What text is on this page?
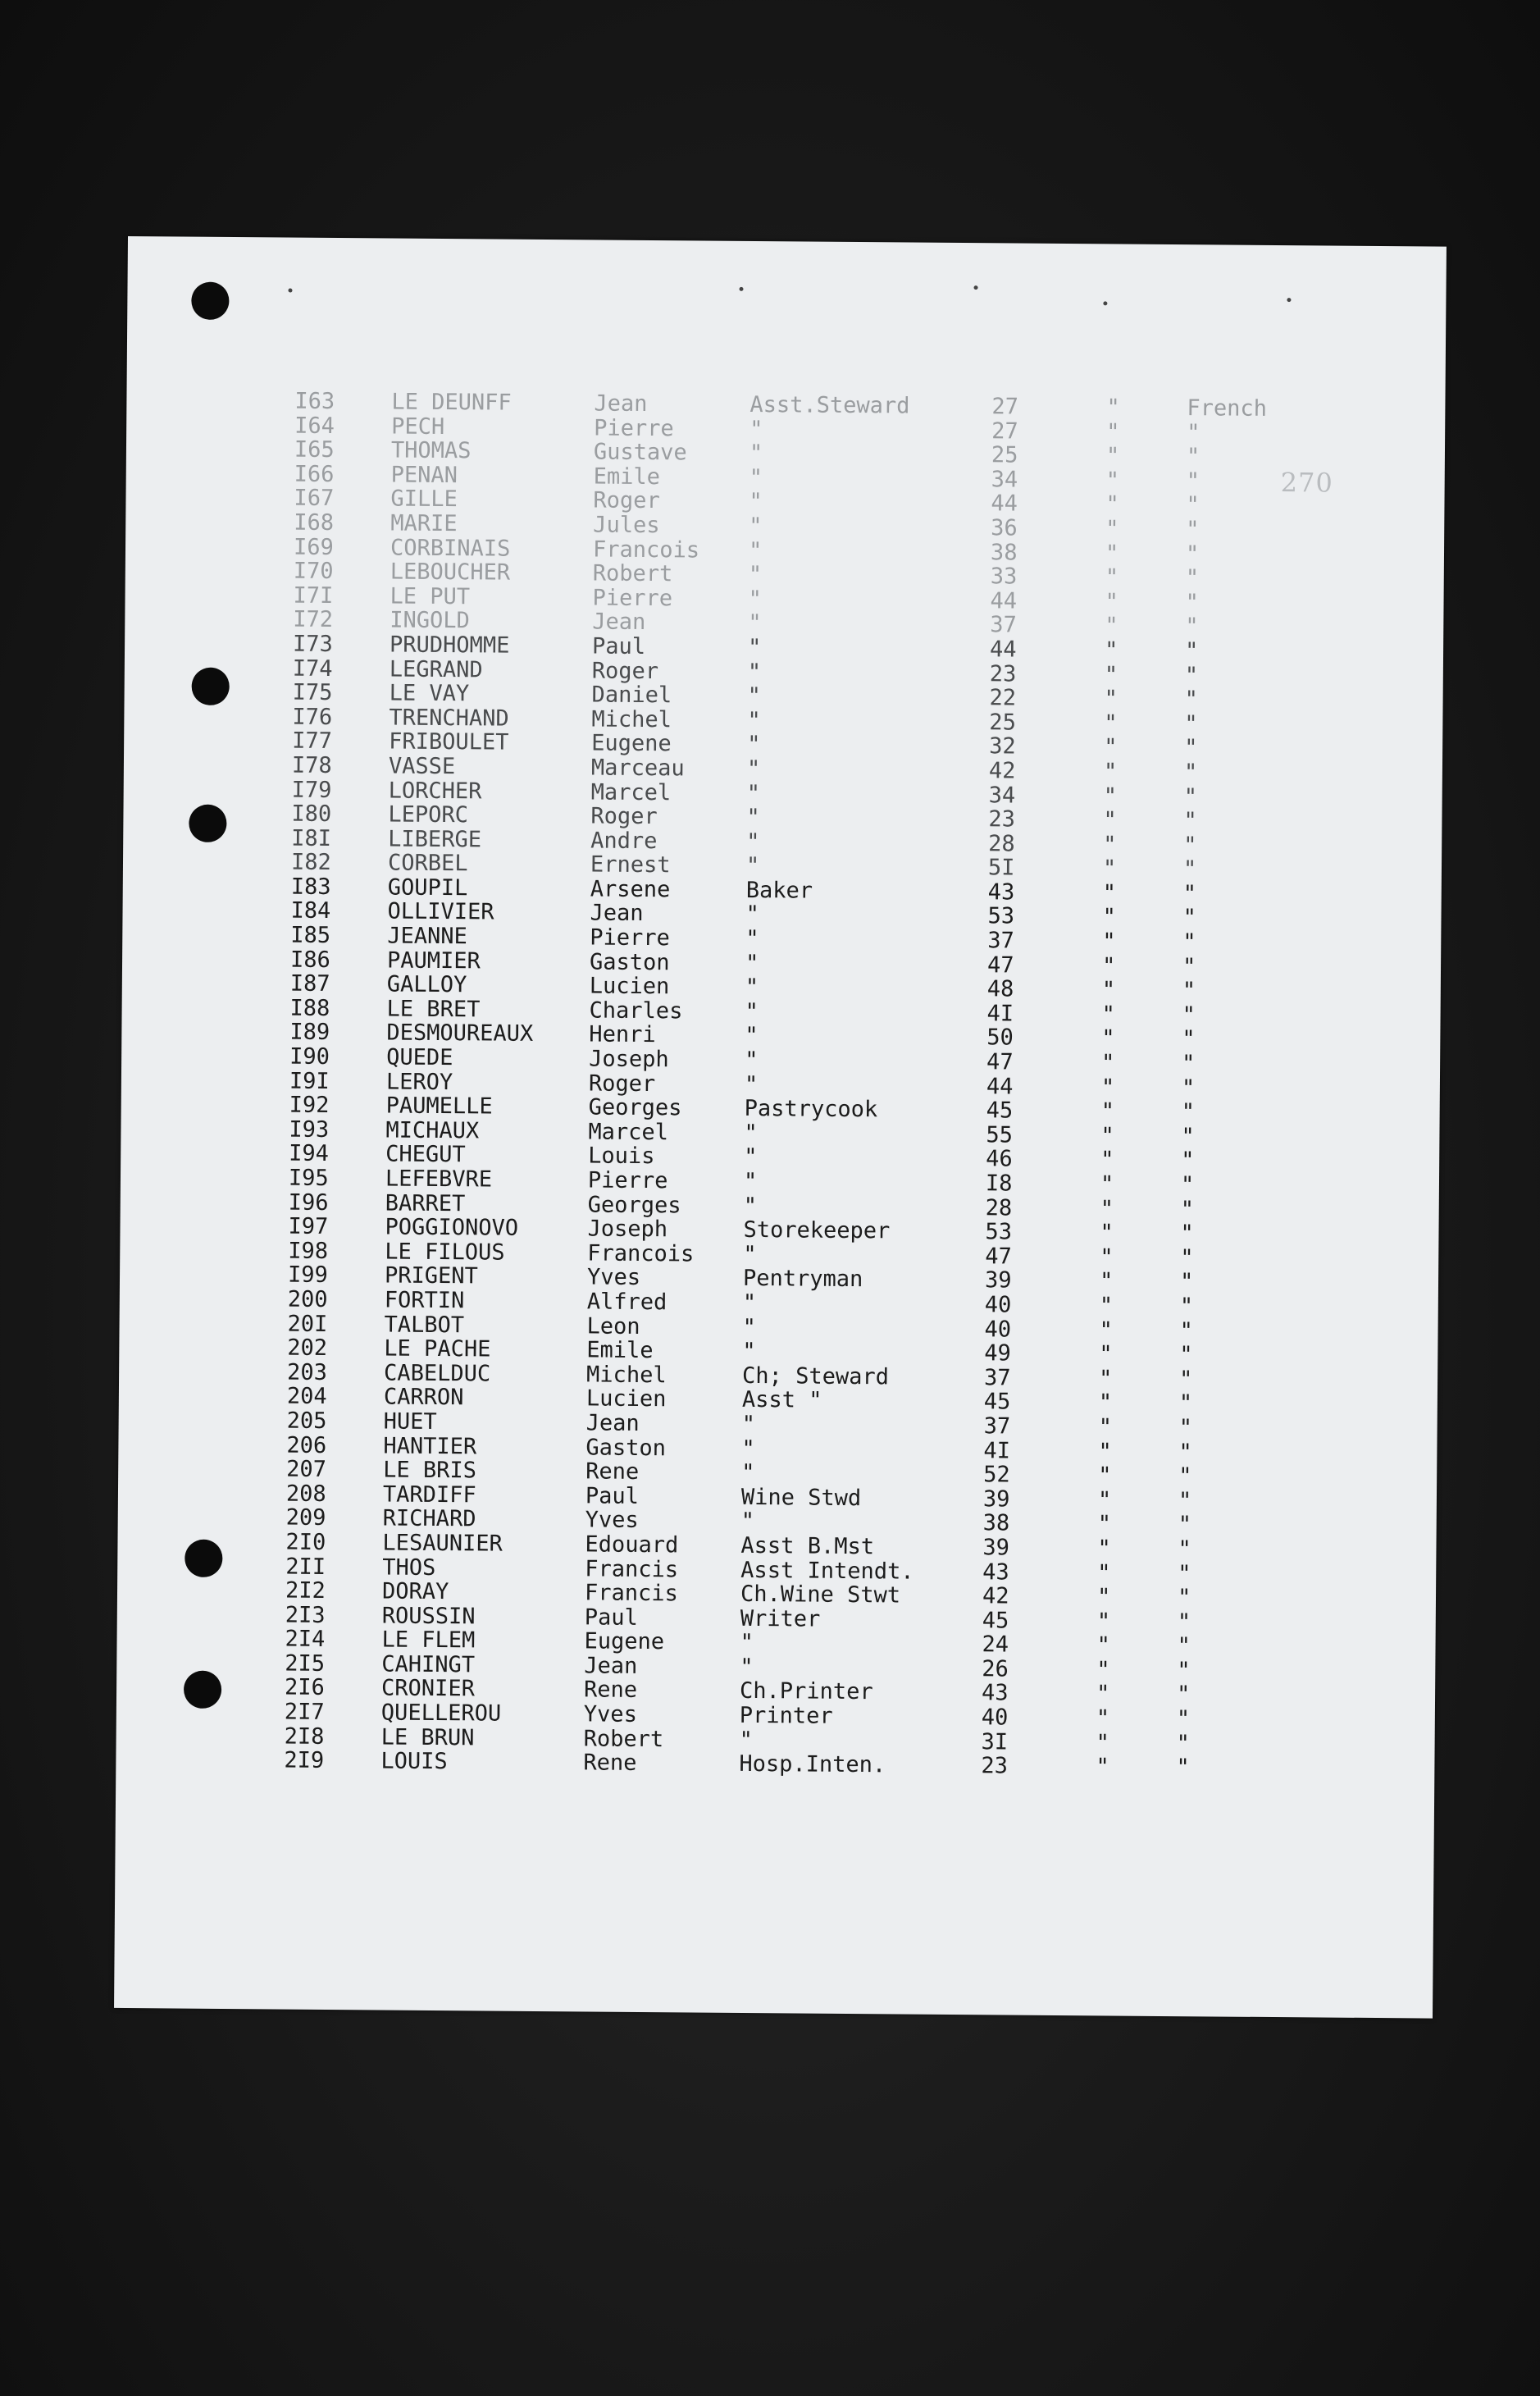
270
I63	LE DEUNFF	Jean	Asst.Steward	27	"	French
I64	PECH	Pierre	"	27	"	"
I65	THOMAS	Gustave	"	25	"	"
I66	PENAN	Emile	"	34	"	"
I67	GILLE	Roger	"	44	"	"
I68	MARIE	Jules	"	36	"	"
I69	CORBINAIS	Francois "	38	"	"
I70	LEBOUCHER	Robert	"	33	"	"
I7I	LE PUT	Pierre	"	44	"	"
I72	INGOLD	Jean	"	37	"	"
I73	PRUDHOMME	Paul	"	44	"	"
I74	LEGRAND	Roger	"	23	"	"
I75	LE VAY	Daniel	"	22	"	"
I76	TRENCHAND	Michel	"	25	"	"
I77	FRIBOULET	Eugene	"	32	"	"
I78	VASSE	Marceau	"	42	"	"
I79	LORCHER	Marcel	"	34	"	"
I80	LEPORC	Roger	"	23	"	"
I8I	LIBERGE	Andre	"	28	"	"
I82	CORBEL	Ernest	"	5I	"	"
I83	GOUPIL	Arsene	Baker	43	"	"
I84	OLLIVIER	Jean	"	53	"	"
I85	JEANNE	Pierre	"	37	"	"
I86	PAUMIER	Gaston	"	47	"	"
I87	GALLOY	Lucien	"	48	"	"
I88	LE BRET	Charles	"	4I	"	"
I89	DESMOUREAUX	Henri	"	50	"	"
I90	QUEDE	Joseph	"	47	"	"
I9I	LEROY	Roger	"	44	"	"
I92	PAUMELLE	Georges	Pastrycook	45	"	"
I93	MICHAUX	Marcel	"	55	"	"
I94	CHEGUT	Louis	"	46	"	"
I95	LEFEBVRE	Pierre	"	I8	"	"
I96	BARRET	Georges	"	28	"	"
I97	POGGIONOVO	Joseph	Storekeeper	53	"	"
I98	LE FILOUS	Francois "	47	"	"
I99	PRIGENT	Yves	Pentryman	39	"	"
200	FORTIN	Alfred	"	40	"	"
20I	TALBOT	Leon	"	40	"	"
202	LE PACHE	Emile	"	49	"	"
203	CABELDUC	Michel	Ch; Steward	37	"	"
204	CARRON	Lucien	Asst "	45	"	"
205	HUET	Jean	"	37	"	"
206	HANTIER	Gaston	"	4I	"	"
207	LE BRIS	Rene	"	52	"	"
208	TARDIFF	Paul	Wine Stwd	39	"	"
209	RICHARD	Yves	"	38	"	"
2I0	LESAUNIER	Edouard	Asst B.Mst	39	"	"
2II	THOS	Francis	Asst Intendt.	43	"	"
2I2	DORAY	Francis	Ch.Wine Stwt	42	"	"
2I3	ROUSSIN	Paul	Writer	45	"	"
2I4	LE FLEM	Eugene	"	24	"	"
2I5	CAHINGT	Jean	"	26	"	"
2I6	CRONIER	Rene	Ch.Printer	43	"	"
2I7	QUELLEROU	Yves	Printer	40	"	"
2I8	LE BRUN	Robert	"	3I	"	"
2I9	LOUIS	Rene	Hosp.Inten.	23	"	"
